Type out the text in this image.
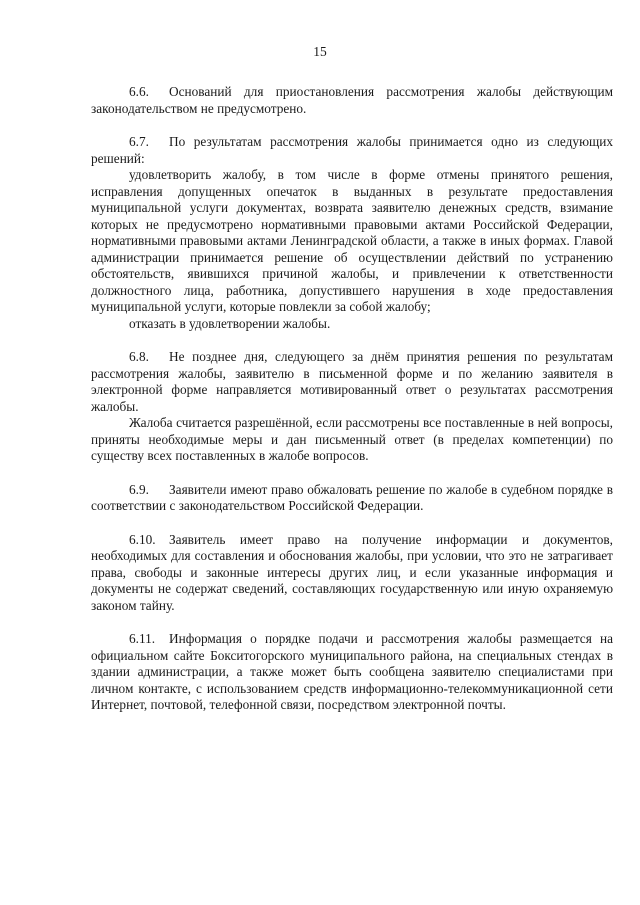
15

6.6. Оснований для приостановления рассмотрения жалобы действующим законодательством не предусмотрено.

6.7. По результатам рассмотрения жалобы принимается одно из следующих решений:

удовлетворить жалобу, в том числе в форме отмены принятого решения, исправления допущенных опечаток в выданных в результате предоставления муниципальной услуги документах, возврата заявителю денежных средств, взимание которых не предусмотрено нормативными правовыми актами Российской Федерации, нормативными правовыми актами Ленинградской области, а также в иных формах. Главой администрации принимается решение об осуществлении действий по устранению обстоятельств, явившихся причиной жалобы, и привлечении к ответственности должностного лица, работника, допустившего нарушения в ходе предоставления муниципальной услуги, которые повлекли за собой жалобу;

отказать в удовлетворении жалобы.

6.8. Не позднее дня, следующего за днём принятия решения по результатам рассмотрения жалобы, заявителю в письменной форме и по желанию заявителя в электронной форме направляется мотивированный ответ о результатах рассмотрения жалобы.

Жалоба считается разрешённой, если рассмотрены все поставленные в ней вопросы, приняты необходимые меры и дан письменный ответ (в пределах компетенции) по существу всех поставленных в жалобе вопросов.

6.9. Заявители имеют право обжаловать решение по жалобе в судебном порядке в соответствии с законодательством Российской Федерации.

6.10. Заявитель имеет право на получение информации и документов, необходимых для составления и обоснования жалобы, при условии, что это не затрагивает права, свободы и законные интересы других лиц, и если указанные информация и документы не содержат сведений, составляющих государственную или иную охраняемую законом тайну.

6.11. Информация о порядке подачи и рассмотрения жалобы размещается на официальном сайте Бокситогорского муниципального района, на специальных стендах в здании администрации, а также может быть сообщена заявителю специалистами при личном контакте, с использованием средств информационно-телекоммуникационной сети Интернет, почтовой, телефонной связи, посредством электронной почты.
